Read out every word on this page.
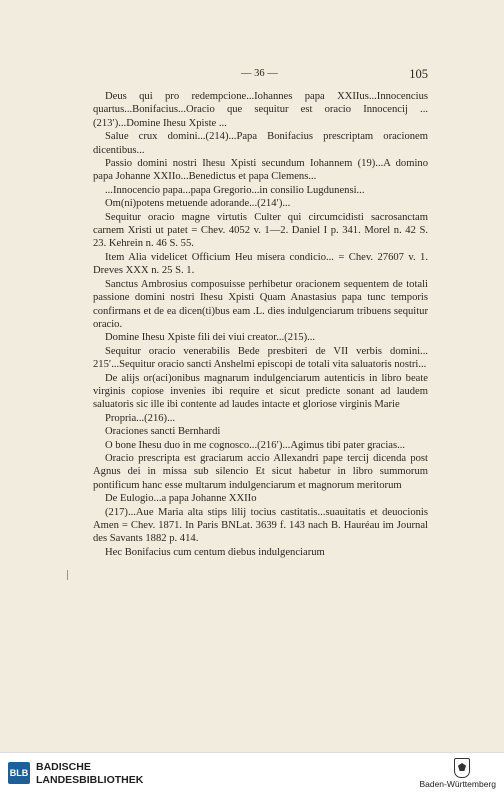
— 36 —	105

Deus qui pro redempcione...Iohannes papa XXIIus...Innocencius quartus...Bonifacius...Oracio que sequitur est oracio Innocencij ...(213′)...Domine Ihesu Xpiste ...

Salue crux domini...(214)...Papa Bonifacius prescriptam oracionem dicentibus...

Passio domini nostri Ihesu Xpisti secundum Iohannem (19)...A domino papa Johanne XXIIo...Benedictus et papa Clemens...

...Innocencio papa...papa Gregorio...in consilio Lugdunensi...

Om(ni)potens metuende adorande...(214′)...

Sequitur oracio magne virtutis Culter qui circumcidisti sacrosanctam carnem Xristi ut patet = Chev. 4052 v. 1—2. Daniel I p. 341. Morel n. 42 S. 23. Kehrein n. 46 S. 55.

Item Alia videlicet Officium Heu misera condicio... = Chev. 27607 v. 1. Dreves XXX n. 25 S. 1.

Sanctus Ambrosius composuisse perhibetur oracionem sequentem de totali passione domini nostri Ihesu Xpisti Quam Anastasius papa tunc temporis confirmans et de ea dicen(ti)bus eam .L. dies indulgenciarum tribuens sequitur oracio.

Domine Ihesu Xpiste fili dei viui creator...(215)...

Sequitur oracio venerabilis Bede presbiteri de VII verbis domini... 215′...Sequitur oracio sancti Anshelmi episcopi de totali vita saluatoris nostri...

De alijs or(aci)onibus magnarum indulgenciarum autenticis in libro beate virginis copiose invenies ibi require et sicut predicte sonant ad laudem saluatoris sic ille ibi contente ad laudes intacte et gloriose virginis Marie

Propria...(216)...

Oraciones sancti Bernhardi

O bone Ihesu duo in me cognosco...(216′)...Agimus tibi pater gracias...

Oracio prescripta est graciarum accio Allexandri pape tercij dicenda post Agnus dei in missa sub silencio Et sicut habetur in libro summorum pontificum hanc esse multarum indulgenciarum et magnorum meritorum

De Eulogio...a papa Johanne XXIIo

(217)...Aue Maria alta stips lilij tocius castitatis...suauitatis et deuocionis Amen = Chev. 1871. In Paris BNLat. 3639 f. 143 nach B. Hauréau im Journal des Savants 1882 p. 414.

Hec Bonifacius cum centum diebus indulgenciarum

BLB BADISCHE
LANDESBIBLIOTHEK	Baden-Württemberg
